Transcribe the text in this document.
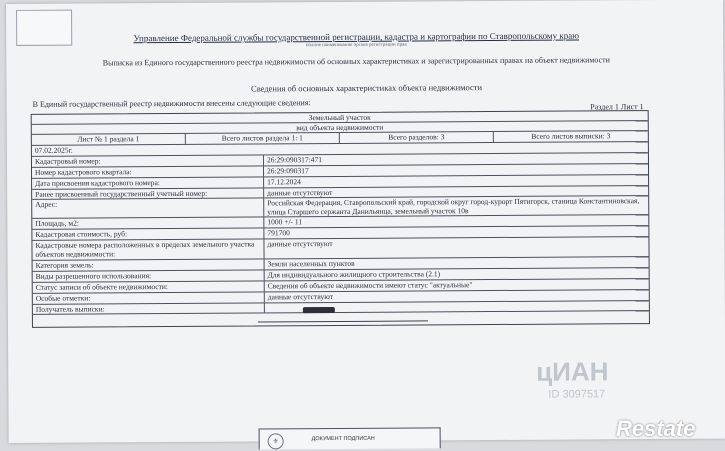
Управление Федеральной службы государственной регистрации, кадастра и картографии по Ставропольскому краю
полное наименование органа регистрации прав
Выписка из Единого государственного реестра недвижимости об основных характеристиках и зарегистрированных правах на объект недвижимости
Сведения об основных характеристиках объекта недвижимости
В Единый государственный реестр недвижимости внесены следующие сведения:	Раздел 1 Лист 1
Земельный участок
вид объекта недвижимости
Лист № 1 раздела 1	Всего листов раздела 1: 1	Всего разделов: 3	Всего листов выписки: 3
07.02.2025г.
Кадастровый номер:	26:29:090317:471
Номер кадастрового квартала:	26:29:090317
Дата присвоения кадастрового номера:	17.12.2024
Ранее присвоенный государственный учетный номер:	данные отсутствуют
Адрес:	Российская Федерация, Ставропольский край, городской округ город-курорт Пятигорск, станица Константиновская, улица Старшего сержанта Данильянца, земельный участок 10в
Площадь, м2:	1000 +/- 11
Кадастровая стоимость, руб:	791700
Кадастровые номера расположенных в пределах земельного участка объектов недвижимости:
данные отсутствуют
Категория земель:	Земли населенных пунктов
Виды разрешенного использования:	Для индивидуального жилищного строительства (2.1)
Статус записи об объекте недвижимости:	Сведения об объекте недвижимости имеют статус "актуальные"
Особые отметки:	данные отсутствуют
Получатель выписки:
⚜	ДОКУМЕНТ ПОДПИСАН
цИАН
ID 3097517
Restate
